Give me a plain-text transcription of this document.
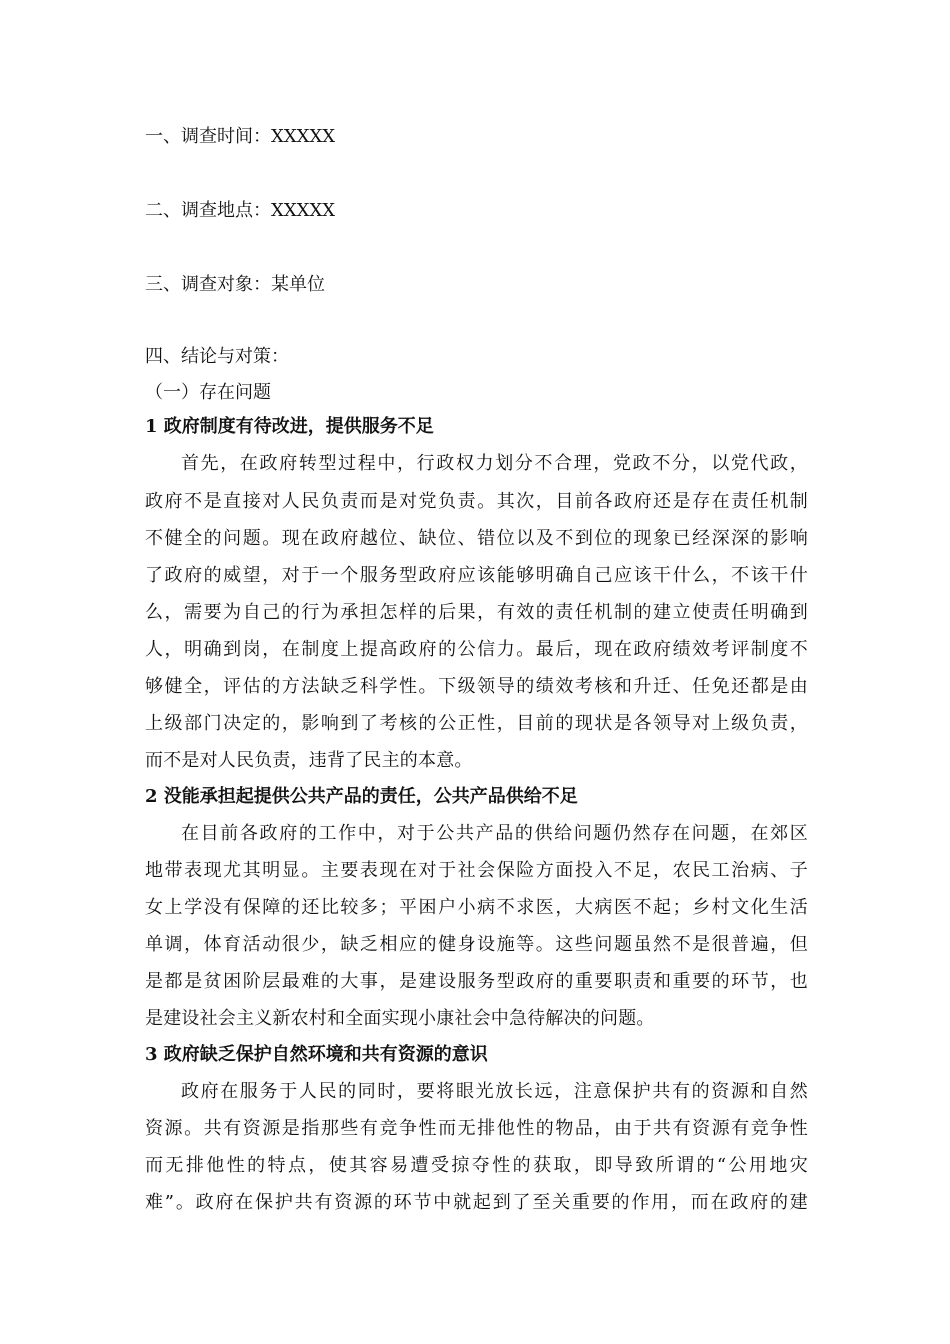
一、调查时间：XXXXX
二、调查地点：XXXXX
三、调查对象：某单位
四、结论与对策：
（一）存在问题
1 政府制度有待改进，提供服务不足
首先，在政府转型过程中，行政权力划分不合理，党政不分，以党代政，
政府不是直接对人民负责而是对党负责。其次，目前各政府还是存在责任机制
不健全的问题。现在政府越位、缺位、错位以及不到位的现象已经深深的影响
了政府的威望，对于一个服务型政府应该能够明确自己应该干什么，不该干什
么，需要为自己的行为承担怎样的后果，有效的责任机制的建立使责任明确到
人，明确到岗，在制度上提高政府的公信力。最后，现在政府绩效考评制度不
够健全，评估的方法缺乏科学性。下级领导的绩效考核和升迁、任免还都是由
上级部门决定的，影响到了考核的公正性，目前的现状是各领导对上级负责，
而不是对人民负责，违背了民主的本意。
2 没能承担起提供公共产品的责任，公共产品供给不足
在目前各政府的工作中，对于公共产品的供给问题仍然存在问题，在郊区
地带表现尤其明显。主要表现在对于社会保险方面投入不足，农民工治病、子
女上学没有保障的还比较多；平困户小病不求医，大病医不起；乡村文化生活
单调，体育活动很少，缺乏相应的健身设施等。这些问题虽然不是很普遍，但
是都是贫困阶层最难的大事，是建设服务型政府的重要职责和重要的环节，也
是建设社会主义新农村和全面实现小康社会中急待解决的问题。
3 政府缺乏保护自然环境和共有资源的意识
政府在服务于人民的同时，要将眼光放长远，注意保护共有的资源和自然
资源。共有资源是指那些有竞争性而无排他性的物品，由于共有资源有竞争性
而无排他性的特点，使其容易遭受掠夺性的获取，即导致所谓的“公用地灾
难”。政府在保护共有资源的环节中就起到了至关重要的作用，而在政府的建
